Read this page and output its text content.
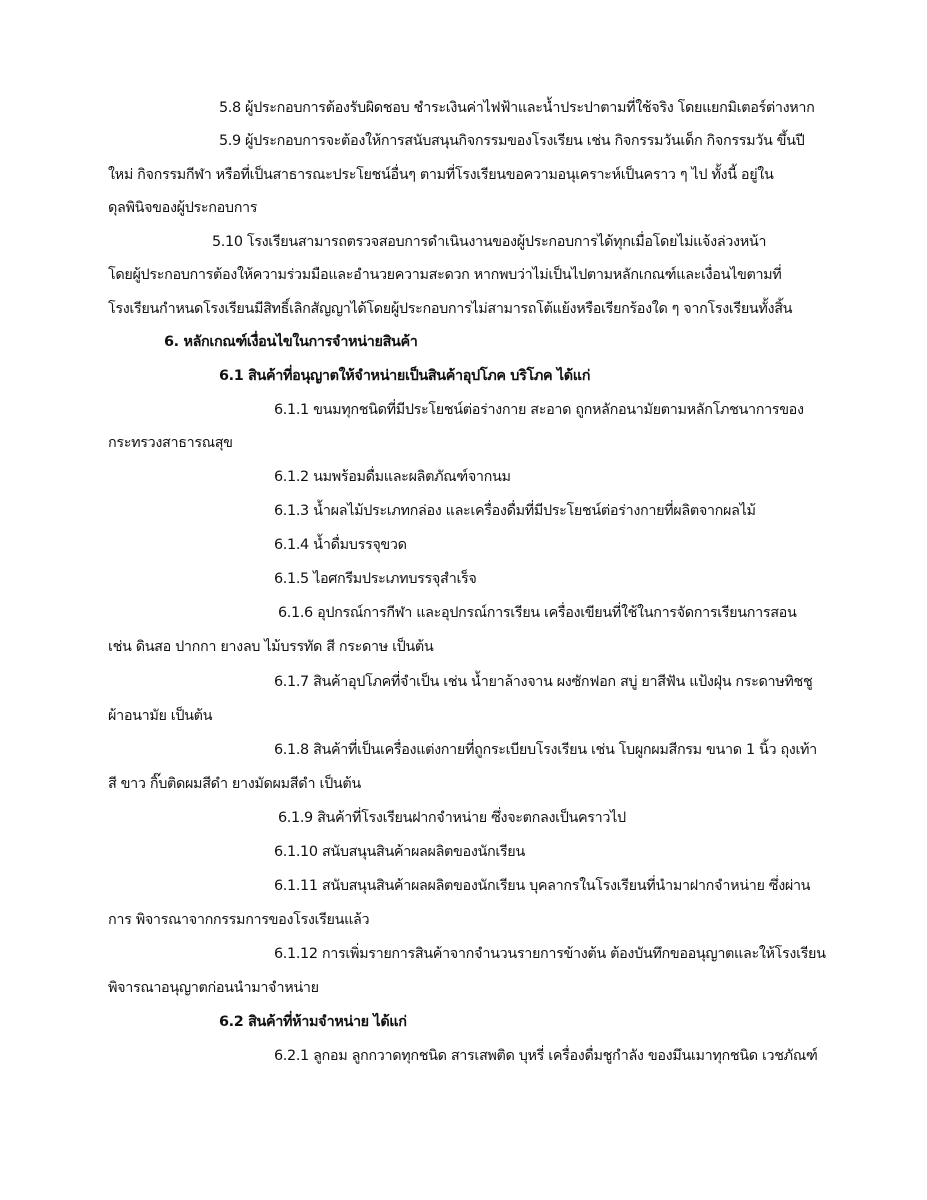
5.8 ผู้ประกอบการต้องรับผิดชอบ ชำระเงินค่าไฟฟ้าและน้ำประปาตามที่ใช้จริง โดยแยกมิเตอร์ต่างหาก
5.9 ผู้ประกอบการจะต้องให้การสนับสนุนกิจกรรมของโรงเรียน เช่น กิจกรรมวันเด็ก กิจกรรมวัน ขึ้นปี
ใหม่ กิจกรรมกีฬา หรือที่เป็นสาธารณะประโยชน์อื่นๆ ตามที่โรงเรียนขอความอนุเคราะห์เป็นคราว ๆ ไป ทั้งนี้ อยู่ใน
ดุลพินิจของผู้ประกอบการ
5.10 โรงเรียนสามารถตรวจสอบการดำเนินงานของผู้ประกอบการได้ทุกเมื่อโดยไม่แจ้งล่วงหน้า
โดยผู้ประกอบการต้องให้ความร่วมมือและอำนวยความสะดวก หากพบว่าไม่เป็นไปตามหลักเกณฑ์และเงื่อนไขตามที่
โรงเรียนกำหนดโรงเรียนมีสิทธิ์เลิกสัญญาได้โดยผู้ประกอบการไม่สามารถโต้แย้งหรือเรียกร้องใด ๆ จากโรงเรียนทั้งสิ้น
6. หลักเกณฑ์เงื่อนไขในการจำหน่ายสินค้า
6.1 สินค้าที่อนุญาตให้จำหน่ายเป็นสินค้าอุปโภค บริโภค ได้แก่
6.1.1 ขนมทุกชนิดที่มีประโยชน์ต่อร่างกาย สะอาด ถูกหลักอนามัยตามหลักโภชนาการของ
กระทรวงสาธารณสุข
6.1.2 นมพร้อมดื่มและผลิตภัณฑ์จากนม
6.1.3 น้ำผลไม้ประเภทกล่อง และเครื่องดื่มที่มีประโยชน์ต่อร่างกายที่ผลิตจากผลไม้
6.1.4 น้ำดื่มบรรจุขวด
6.1.5 ไอศกรีมประเภทบรรจุสำเร็จ
6.1.6 อุปกรณ์การกีฬา และอุปกรณ์การเรียน เครื่องเขียนที่ใช้ในการจัดการเรียนการสอน
เช่น ดินสอ ปากกา ยางลบ ไม้บรรทัด สี กระดาษ เป็นต้น
6.1.7 สินค้าอุปโภคที่จำเป็น เช่น น้ำยาล้างจาน ผงซักฟอก สบู่ ยาสีฟัน แป้งฝุ่น กระดาษทิชชู
ผ้าอนามัย เป็นต้น
6.1.8 สินค้าที่เป็นเครื่องแต่งกายที่ถูกระเบียบโรงเรียน เช่น โบผูกผมสีกรม ขนาด 1 นิ้ว ถุงเท้า
สี ขาว กิ๊บติดผมสีดำ ยางมัดผมสีดำ เป็นต้น
6.1.9 สินค้าที่โรงเรียนฝากจำหน่าย ซึ่งจะตกลงเป็นคราวไป
6.1.10 สนับสนุนสินค้าผลผลิตของนักเรียน
6.1.11 สนับสนุนสินค้าผลผลิตของนักเรียน บุคลากรในโรงเรียนที่นำมาฝากจำหน่าย ซึ่งผ่าน
การ พิจารณาจากกรรมการของโรงเรียนแล้ว
6.1.12 การเพิ่มรายการสินค้าจากจำนวนรายการข้างต้น ต้องบันทึกขออนุญาตและให้โรงเรียน
พิจารณาอนุญาตก่อนนำมาจำหน่าย
6.2 สินค้าที่ห้ามจำหน่าย ได้แก่
6.2.1 ลูกอม ลูกกวาดทุกชนิด สารเสพติด บุหรี่ เครื่องดื่มชูกำลัง ของมึนเมาทุกชนิด เวชภัณฑ์
